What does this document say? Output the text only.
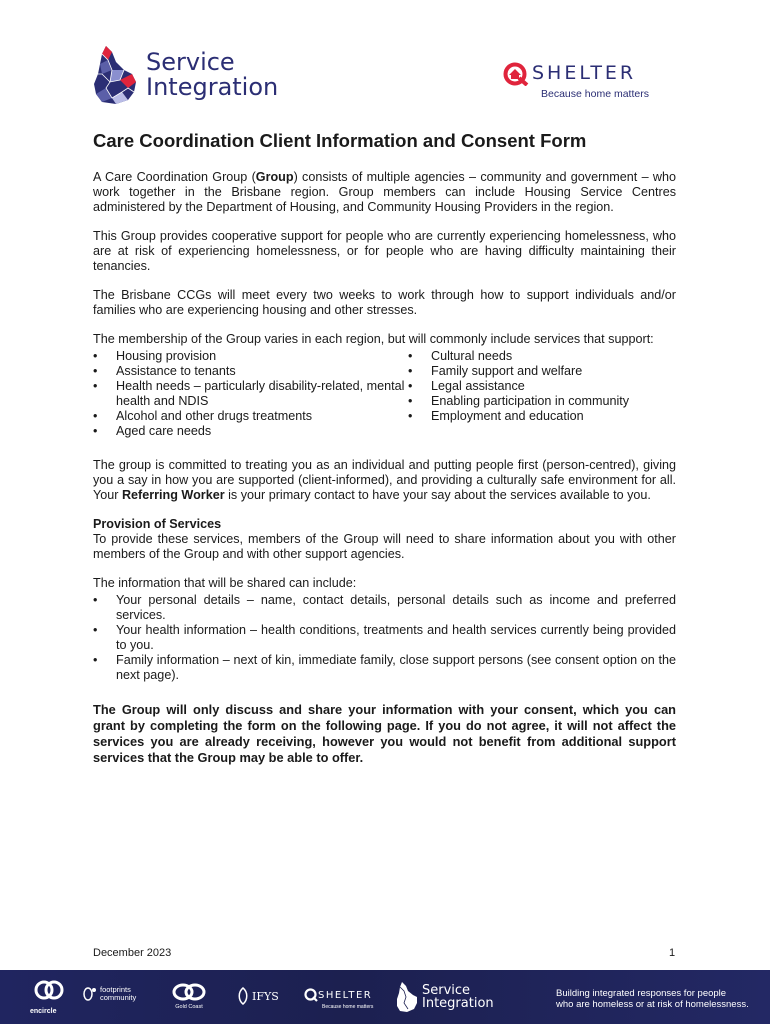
Service
Integration	SHELTER
Because home matters
Care Coordination Client Information and Consent Form

A Care Coordination Group (Group) consists of multiple agencies – community and government – who work together in the Brisbane region. Group members can include Housing Service Centres administered by the Department of Housing, and Community Housing Providers in the region.

This Group provides cooperative support for people who are currently experiencing homelessness, who are at risk of experiencing homelessness, or for people who are having difficulty maintaining their tenancies.

The Brisbane CCGs will meet every two weeks to work through how to support individuals and/or families who are experiencing housing and other stresses.

The membership of the Group varies in each region, but will commonly include services that support:

• Housing provision
• Assistance to tenants
• Health needs – particularly disability-related, mental health and NDIS
• Alcohol and other drugs treatments
• Aged care needs
• Cultural needs
• Family support and welfare
• Legal assistance
• Enabling participation in community
• Employment and education

The group is committed to treating you as an individual and putting people first (person-centred), giving you a say in how you are supported (client-informed), and providing a culturally safe environment for all. Your Referring Worker is your primary contact to have your say about the services available to you.

Provision of Services

To provide these services, members of the Group will need to share information about you with other members of the Group and with other support agencies.

The information that will be shared can include:

• Your personal details – name, contact details, personal details such as income and preferred services.
• Your health information – health conditions, treatments and health services currently being provided to you.
• Family information – next of kin, immediate family, close support persons (see consent option on the next page).

The Group will only discuss and share your information with your consent, which you can grant by completing the form on the following page. If you do not agree, it will not affect the services you are already receiving, however you would not benefit from additional support services that the Group may be able to offer.

December 2023	1
encircle
footprints
community
Gold Coast
IFYS	SHELTER
Because home matters
Service
Integration
Building integrated responses for people
who are homeless or at risk of homelessness.
